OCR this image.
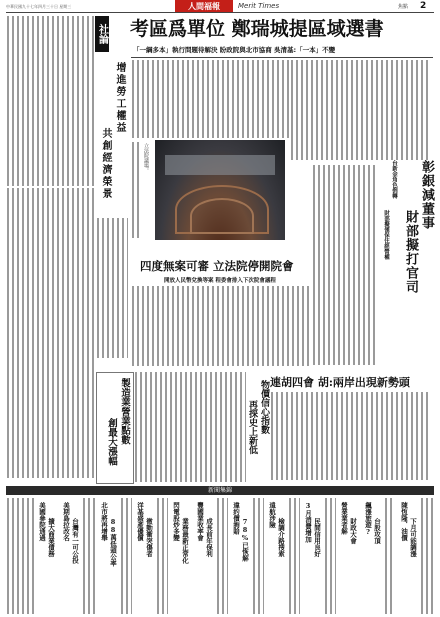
中華民國九十七年四月三十日 星期三	人間福報	Merit Times	焦點 2
社論
增進勞工權益
共創經濟榮景
考區爲單位 鄭瑞城提區域選書
「一綱多本」執行問題待解決 盼政院與北市協商 吳清基:「一本」不變
立法院議場。
四度無案可審 立法院停開院會
開放人民幣兌換等案 程委會排入下次院會議程
彰銀減董事
財部擬打官司
台新金角色倒轉
財部擬僅保住經營權
製造業營業點數
創最大漲幅
連胡四會 胡:兩岸出現新勢頭
物價信心指數
再探史上新低
新聞集錦
美國參院通過 擴大商業債務 美期島拉改名 台灣有一可公投	北市將再增舉 88萬低頭公率	洋基盛產優償 微動衝突傷者	閃電股炒多變 業務最新正常化 豐國業收率會 成長前年保利	違約價詢賠 78%已恢解
遠航涉險
檢調介路搜索	3月消費增加 民間信用良好	營業業者解 財政大會 飆漲旅遊? 台股攻頂	陳恆隆、油價 下月可能調漲
